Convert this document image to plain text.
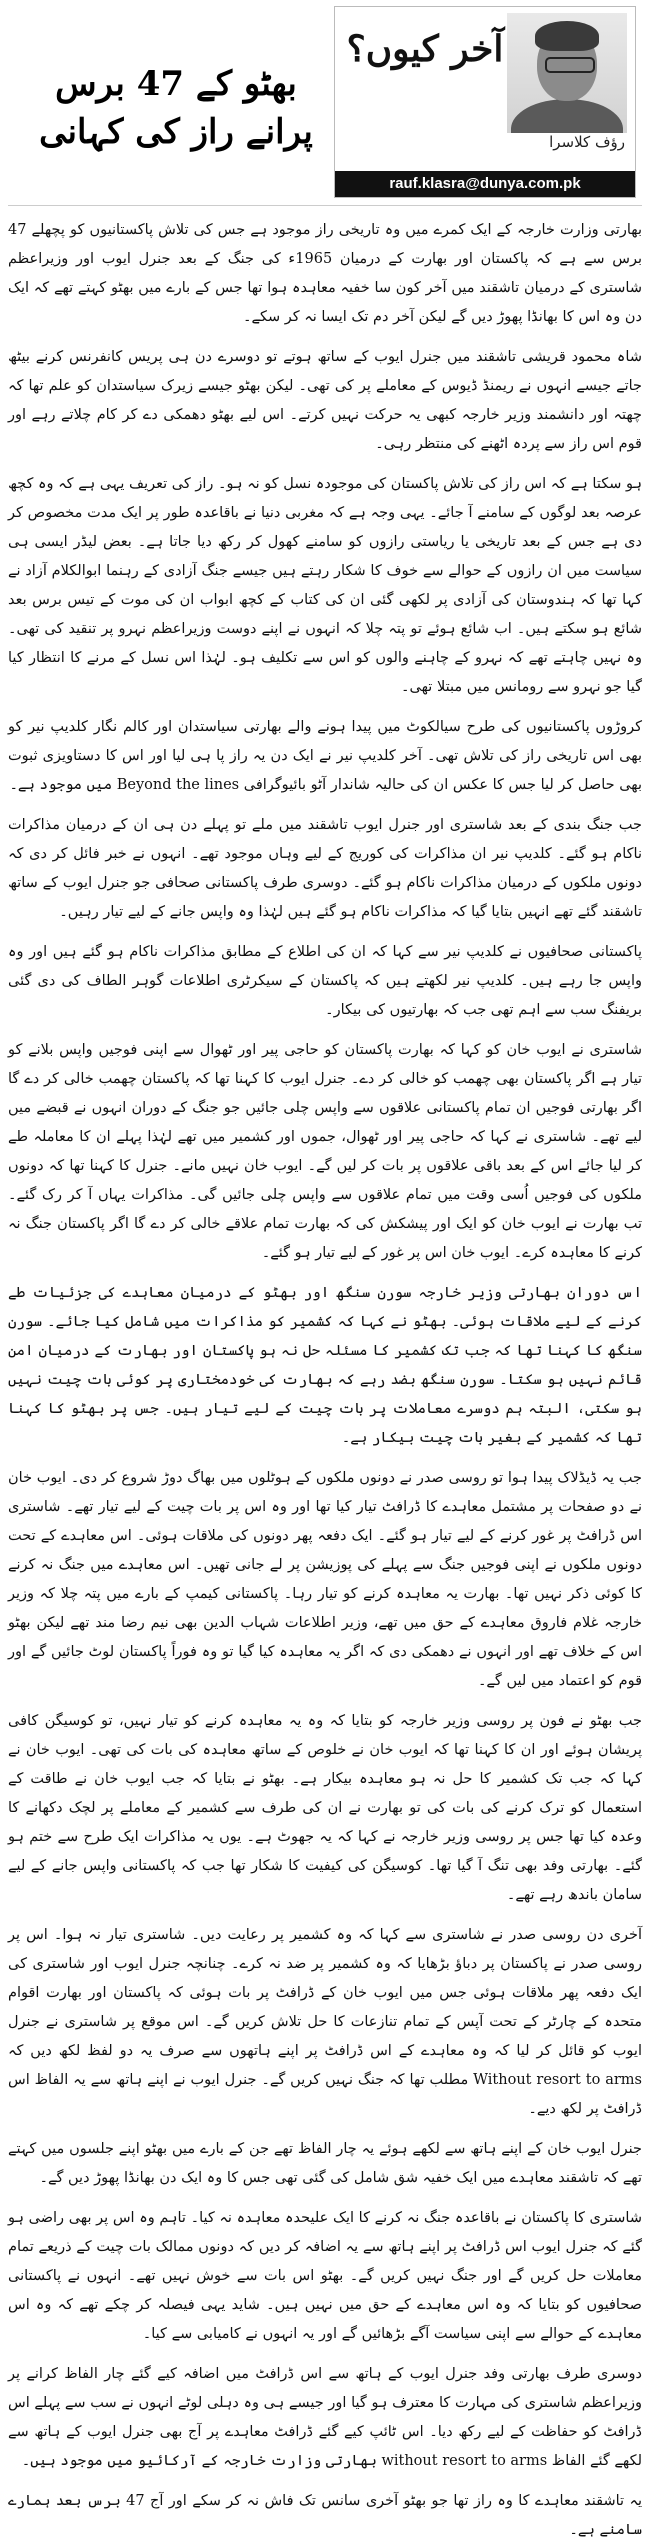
بھٹو کے 47 برس پرانے راز کی کہانی
آخر کیوں؟
رؤف کلاسرا
rauf.klasra@dunya.com.pk

بھارتی وزارت خارجہ کے ایک کمرے میں وہ تاریخی راز موجود ہے جس کی تلاش پاکستانیوں کو پچھلے 47 برس سے ہے کہ پاکستان اور بھارت کے درمیان 1965ء کی جنگ کے بعد جنرل ایوب اور وزیراعظم شاستری کے درمیان تاشقند میں آخر کون سا خفیہ معاہدہ ہوا تھا جس کے بارے میں بھٹو کہتے تھے کہ ایک دن وہ اس کا بھانڈا پھوڑ دیں گے لیکن آخر دم تک ایسا نہ کر سکے۔

شاہ محمود قریشی تاشقند میں جنرل ایوب کے ساتھ ہوتے تو دوسرے دن ہی پریس کانفرنس کرنے بیٹھ جاتے جیسے انہوں نے ریمنڈ ڈیوس کے معاملے پر کی تھی۔ لیکن بھٹو جیسے زیرک سیاستدان کو علم تھا کہ چھتہ اور دانشمند وزیر خارجہ کبھی یہ حرکت نہیں کرتے۔ اس لیے بھٹو دھمکی دے کر کام چلاتے رہے اور قوم اس راز سے پردہ اٹھنے کی منتظر رہی۔

ہو سکتا ہے کہ اس راز کی تلاش پاکستان کی موجودہ نسل کو نہ ہو۔ راز کی تعریف یہی ہے کہ وہ کچھ عرصہ بعد لوگوں کے سامنے آ جائے۔ یہی وجہ ہے کہ مغربی دنیا نے باقاعدہ طور پر ایک مدت مخصوص کر دی ہے جس کے بعد تاریخی یا ریاستی رازوں کو سامنے کھول کر رکھ دیا جاتا ہے۔ بعض لیڈر ایسی ہی سیاست میں ان رازوں کے حوالے سے خوف کا شکار رہتے ہیں جیسے جنگ آزادی کے رہنما ابوالکلام آزاد نے کہا تھا کہ ہندوستان کی آزادی پر لکھی گئی ان کی کتاب کے کچھ ابواب ان کی موت کے تیس برس بعد شائع ہو سکتے ہیں۔ اب شائع ہوئے تو پتہ چلا کہ انہوں نے اپنے دوست وزیراعظم نہرو پر تنقید کی تھی۔ وہ نہیں چاہتے تھے کہ نہرو کے چاہنے والوں کو اس سے تکلیف ہو۔ لہٰذا اس نسل کے مرنے کا انتظار کیا گیا جو نہرو سے رومانس میں مبتلا تھی۔

کروڑوں پاکستانیوں کی طرح سیالکوٹ میں پیدا ہونے والے بھارتی سیاستدان اور کالم نگار کلدیپ نیر کو بھی اس تاریخی راز کی تلاش تھی۔ آخر کلدیپ نیر نے ایک دن یہ راز پا ہی لیا اور اس کا دستاویزی ثبوت بھی حاصل کر لیا جس کا عکس ان کی حالیہ شاندار آٹو بائیوگرافی Beyond the lines میں موجود ہے۔

جب جنگ بندی کے بعد شاستری اور جنرل ایوب تاشقند میں ملے تو پہلے دن ہی ان کے درمیان مذاکرات ناکام ہو گئے۔ کلدیپ نیر ان مذاکرات کی کوریج کے لیے وہاں موجود تھے۔ انہوں نے خبر فائل کر دی کہ دونوں ملکوں کے درمیان مذاکرات ناکام ہو گئے۔ دوسری طرف پاکستانی صحافی جو جنرل ایوب کے ساتھ تاشقند گئے تھے انہیں بتایا گیا کہ مذاکرات ناکام ہو گئے ہیں لہٰذا وہ واپس جانے کے لیے تیار رہیں۔

پاکستانی صحافیوں نے کلدیپ نیر سے کہا کہ ان کی اطلاع کے مطابق مذاکرات ناکام ہو گئے ہیں اور وہ واپس جا رہے ہیں۔ کلدیپ نیر لکھتے ہیں کہ پاکستان کے سیکرٹری اطلاعات گوہر الطاف کی دی گئی بریفنگ سب سے اہم تھی جب کہ بھارتیوں کی بیکار۔

شاستری نے ایوب خان کو کہا کہ بھارت پاکستان کو حاجی پیر اور ٹھوال سے اپنی فوجیں واپس بلانے کو تیار ہے اگر پاکستان بھی چھمب کو خالی کر دے۔ جنرل ایوب کا کہنا تھا کہ پاکستان چھمب خالی کر دے گا اگر بھارتی فوجیں ان تمام پاکستانی علاقوں سے واپس چلی جائیں جو جنگ کے دوران انہوں نے قبضے میں لیے تھے۔ شاستری نے کہا کہ حاجی پیر اور ٹھوال، جموں اور کشمیر میں تھے لہٰذا پہلے ان کا معاملہ طے کر لیا جائے اس کے بعد باقی علاقوں پر بات کر لیں گے۔ ایوب خان نہیں مانے۔ جنرل کا کہنا تھا کہ دونوں ملکوں کی فوجیں اُسی وقت میں تمام علاقوں سے واپس چلی جائیں گی۔ مذاکرات یہاں آ کر رک گئے۔ تب بھارت نے ایوب خان کو ایک اور پیشکش کی کہ بھارت تمام علاقے خالی کر دے گا اگر پاکستان جنگ نہ کرنے کا معاہدہ کرے۔ ایوب خان اس پر غور کے لیے تیار ہو گئے۔

اس دوران بھارتی وزیر خارجہ سورن سنگھ اور بھٹو کے درمیان معاہدے کی جزئیات طے کرنے کے لیے ملاقات ہوئی۔ بھٹو نے کہا کہ کشمیر کو مذاکرات میں شامل کیا جائے۔ سورن سنگھ کا کہنا تھا کہ جب تک کشمیر کا مسئلہ حل نہ ہو پاکستان اور بھارت کے درمیان امن قائم نہیں ہو سکتا۔ سورن سنگھ بضد رہے کہ بھارت کی خودمختاری پر کوئی بات چیت نہیں ہو سکتی، البتہ ہم دوسرے معاملات پر بات چیت کے لیے تیار ہیں۔ جس پر بھٹو کا کہنا تھا کہ کشمیر کے بغیر بات چیت بیکار ہے۔

جب یہ ڈیڈلاک پیدا ہوا تو روسی صدر نے دونوں ملکوں کے ہوٹلوں میں بھاگ دوڑ شروع کر دی۔ ایوب خان نے دو صفحات پر مشتمل معاہدے کا ڈرافٹ تیار کیا تھا اور وہ اس پر بات چیت کے لیے تیار تھے۔ شاستری اس ڈرافٹ پر غور کرنے کے لیے تیار ہو گئے۔ ایک دفعہ پھر دونوں کی ملاقات ہوئی۔ اس معاہدے کے تحت دونوں ملکوں نے اپنی فوجیں جنگ سے پہلے کی پوزیشن پر لے جانی تھیں۔ اس معاہدے میں جنگ نہ کرنے کا کوئی ذکر نہیں تھا۔ بھارت یہ معاہدہ کرنے کو تیار رہا۔ پاکستانی کیمپ کے بارے میں پتہ چلا کہ وزیر خارجہ غلام فاروق معاہدے کے حق میں تھے، وزیر اطلاعات شہاب الدین بھی نیم رضا مند تھے لیکن بھٹو اس کے خلاف تھے اور انہوں نے دھمکی دی کہ اگر یہ معاہدہ کیا گیا تو وہ فوراً پاکستان لوٹ جائیں گے اور قوم کو اعتماد میں لیں گے۔

جب بھٹو نے فون پر روسی وزیر خارجہ کو بتایا کہ وہ یہ معاہدہ کرنے کو تیار نہیں، تو کوسیگن کافی پریشان ہوئے اور ان کا کہنا تھا کہ ایوب خان نے خلوص کے ساتھ معاہدہ کی بات کی تھی۔ ایوب خان نے کہا کہ جب تک کشمیر کا حل نہ ہو معاہدہ بیکار ہے۔ بھٹو نے بتایا کہ جب ایوب خان نے طاقت کے استعمال کو ترک کرنے کی بات کی تو بھارت نے ان کی طرف سے کشمیر کے معاملے پر لچک دکھانے کا وعدہ کیا تھا جس پر روسی وزیر خارجہ نے کہا کہ یہ جھوٹ ہے۔ یوں یہ مذاکرات ایک طرح سے ختم ہو گئے۔ بھارتی وفد بھی تنگ آ گیا تھا۔ کوسیگن کی کیفیت کا شکار تھا جب کہ پاکستانی واپس جانے کے لیے سامان باندھ رہے تھے۔

آخری دن روسی صدر نے شاستری سے کہا کہ وہ کشمیر پر رعایت دیں۔ شاستری تیار نہ ہوا۔ اس پر روسی صدر نے پاکستان پر دباؤ بڑھایا کہ وہ کشمیر پر ضد نہ کرے۔ چنانچہ جنرل ایوب اور شاستری کی ایک دفعہ پھر ملاقات ہوئی جس میں ایوب خان کے ڈرافٹ پر بات ہوئی کہ پاکستان اور بھارت اقوام متحدہ کے چارٹر کے تحت آپس کے تمام تنازعات کا حل تلاش کریں گے۔ اس موقع پر شاستری نے جنرل ایوب کو قائل کر لیا کہ وہ معاہدے کے اس ڈرافٹ پر اپنے ہاتھوں سے صرف یہ دو لفظ لکھ دیں کہ Without resort to arms مطلب تھا کہ جنگ نہیں کریں گے۔ جنرل ایوب نے اپنے ہاتھ سے یہ الفاظ اس ڈرافٹ پر لکھ دیے۔

جنرل ایوب خان کے اپنے ہاتھ سے لکھے ہوئے یہ چار الفاظ تھے جن کے بارے میں بھٹو اپنے جلسوں میں کہتے تھے کہ تاشقند معاہدے میں ایک خفیہ شق شامل کی گئی تھی جس کا وہ ایک دن بھانڈا پھوڑ دیں گے۔

شاستری کا پاکستان نے باقاعدہ جنگ نہ کرنے کا ایک علیحدہ معاہدہ نہ کیا۔ تاہم وہ اس پر بھی راضی ہو گئے کہ جنرل ایوب اس ڈرافٹ پر اپنے ہاتھ سے یہ اضافہ کر دیں کہ دونوں ممالک بات چیت کے ذریعے تمام معاملات حل کریں گے اور جنگ نہیں کریں گے۔ بھٹو اس بات سے خوش نہیں تھے۔ انہوں نے پاکستانی صحافیوں کو بتایا کہ وہ اس معاہدے کے حق میں نہیں ہیں۔ شاید یہی فیصلہ کر چکے تھے کہ وہ اس معاہدے کے حوالے سے اپنی سیاست آگے بڑھائیں گے اور یہ انہوں نے کامیابی سے کیا۔

دوسری طرف بھارتی وفد جنرل ایوب کے ہاتھ سے اس ڈرافٹ میں اضافہ کیے گئے چار الفاظ کرانے پر وزیراعظم شاستری کی مہارت کا معترف ہو گیا اور جیسے ہی وہ دہلی لوٹے انہوں نے سب سے پہلے اس ڈرافٹ کو حفاظت کے لیے رکھ دیا۔ اس ٹائپ کیے گئے ڈرافٹ معاہدے پر آج بھی جنرل ایوب کے ہاتھ سے لکھے گئے الفاظ without resort to arms بھارتی وزارت خارجہ کے آرکائیو میں موجود ہیں۔

یہ تاشقند معاہدے کا وہ راز تھا جو بھٹو آخری سانس تک فاش نہ کر سکے اور آج 47 برس بعد ہمارے سامنے ہے۔
